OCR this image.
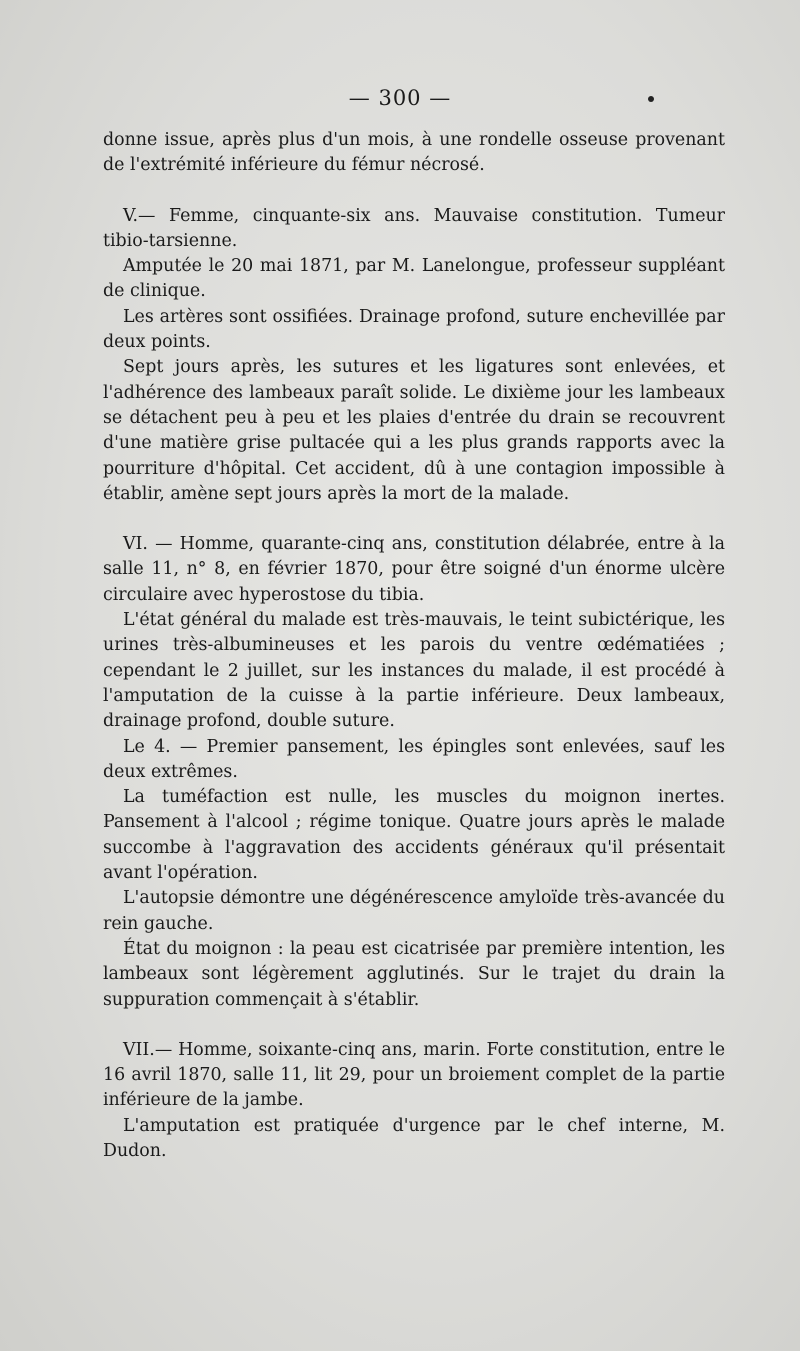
— 300 —

donne issue, après plus d'un mois, à une rondelle osseuse provenant de l'extrémité inférieure du fémur nécrosé.

V.— Femme, cinquante-six ans. Mauvaise constitution. Tumeur tibio-tarsienne.

Amputée le 20 mai 1871, par M. Lanelongue, professeur suppléant de clinique.

Les artères sont ossifiées. Drainage profond, suture enchevillée par deux points.

Sept jours après, les sutures et les ligatures sont enlevées, et l'adhérence des lambeaux paraît solide. Le dixième jour les lambeaux se détachent peu à peu et les plaies d'entrée du drain se recouvrent d'une matière grise pultacée qui a les plus grands rapports avec la pourriture d'hôpital. Cet accident, dû à une contagion impossible à établir, amène sept jours après la mort de la malade.

VI. — Homme, quarante-cinq ans, constitution délabrée, entre à la salle 11, n° 8, en février 1870, pour être soigné d'un énorme ulcère circulaire avec hyperostose du tibia.

L'état général du malade est très-mauvais, le teint subictérique, les urines très-albumineuses et les parois du ventre œdématiées ; cependant le 2 juillet, sur les instances du malade, il est procédé à l'amputation de la cuisse à la partie inférieure. Deux lambeaux, drainage profond, double suture.

Le 4. — Premier pansement, les épingles sont enlevées, sauf les deux extrêmes.

La tuméfaction est nulle, les muscles du moignon inertes. Pansement à l'alcool ; régime tonique. Quatre jours après le malade succombe à l'aggravation des accidents généraux qu'il présentait avant l'opération.

L'autopsie démontre une dégénérescence amyloïde très-avancée du rein gauche.

État du moignon : la peau est cicatrisée par première intention, les lambeaux sont légèrement agglutinés. Sur le trajet du drain la suppuration commençait à s'établir.

VII.— Homme, soixante-cinq ans, marin. Forte constitution, entre le 16 avril 1870, salle 11, lit 29, pour un broiement complet de la partie inférieure de la jambe.

L'amputation est pratiquée d'urgence par le chef interne, M. Dudon.
